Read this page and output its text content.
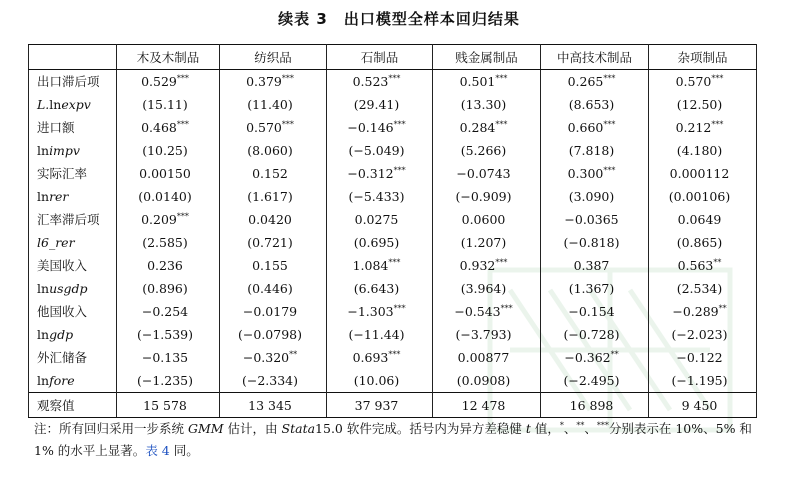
续表 3　出口模型全样本回归结果
	木及木制品	纺织品	石制品	贱金属制品	中高技术制品	杂项制品
出口滞后项	0.529***	0.379***	0.523***	0.501***	0.265***	0.570***
L.lnexpv	(15.11)	(11.40)	(29.41)	(13.30)	(8.653)	(12.50)
进口额	0.468***	0.570***	−0.146***	0.284***	0.660***	0.212***
lnimpv	(10.25)	(8.060)	(−5.049)	(5.266)	(7.818)	(4.180)
实际汇率	0.00150	0.152	−0.312***	−0.0743	0.300***	0.000112
lnrer	(0.0140)	(1.617)	(−5.433)	(−0.909)	(3.090)	(0.00106)
汇率滞后项	0.209***	0.0420	0.0275	0.0600	−0.0365	0.0649
l6_rer	(2.585)	(0.721)	(0.695)	(1.207)	(−0.818)	(0.865)
美国收入	0.236	0.155	1.084***	0.932***	0.387	0.563**
lnusgdp	(0.896)	(0.446)	(6.643)	(3.964)	(1.367)	(2.534)
他国收入	−0.254	−0.0179	−1.303***	−0.543***	−0.154	−0.289**
lngdp	(−1.539)	(−0.0798)	(−11.44)	(−3.793)	(−0.728)	(−2.023)
外汇储备	−0.135	−0.320**	0.693***	0.00877	−0.362**	−0.122
lnfore	(−1.235)	(−2.334)	(10.06)	(0.0908)	(−2.495)	(−1.195)
观察值	15 578	13 345	37 937	12 478	16 898	9 450
注：所有回归采用一步系统 GMM 估计，由 Stata15.0 软件完成。括号内为异方差稳健 t 值，*、**、***分别表示在 10%、5% 和 1% 的水平上显著。表 4 同。
